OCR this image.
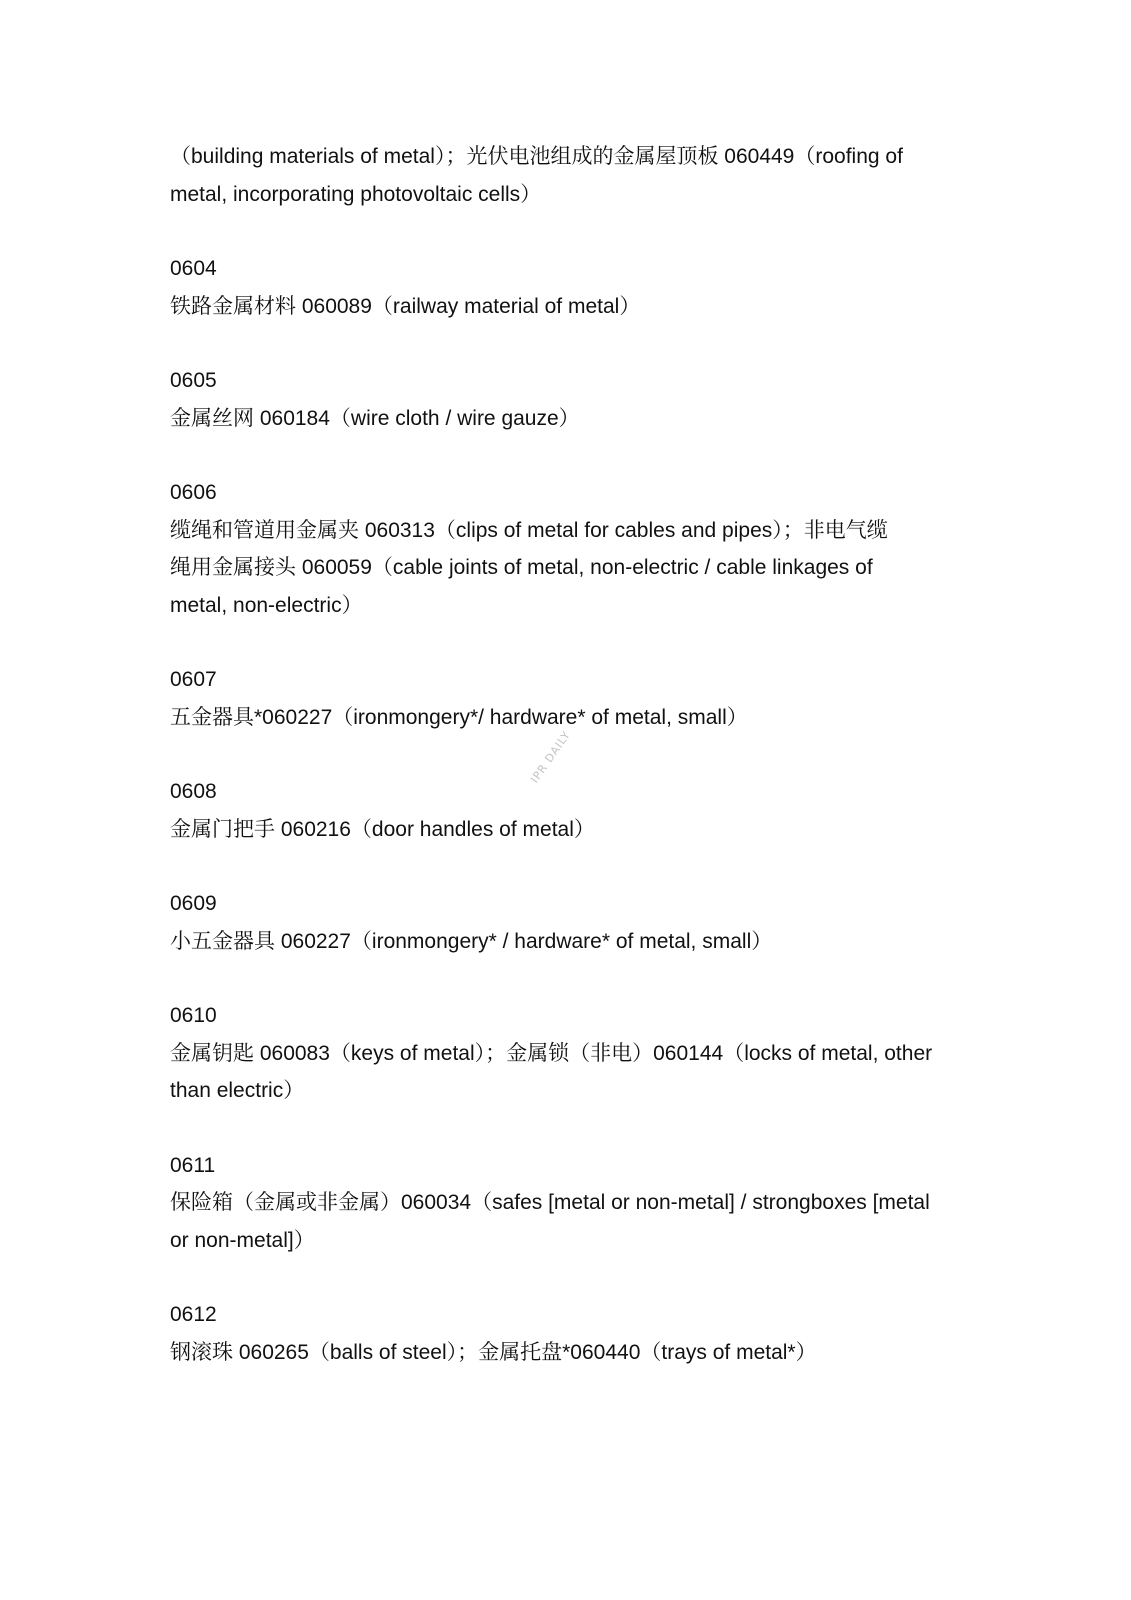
（building materials of metal）；光伏电池组成的金属屋顶板 060449（roofing of

metal, incorporating photovoltaic cells）

0604

铁路金属材料 060089（railway material of metal）

0605

金属丝网 060184（wire cloth / wire gauze）

0606

缆绳和管道用金属夹 060313（clips of metal for cables and pipes）；非电气缆

绳用金属接头 060059（cable joints of metal, non-electric / cable linkages of

metal, non-electric）

0607

五金器具*060227（ironmongery*/ hardware* of metal, small）

0608

金属门把手 060216（door handles of metal）

0609

小五金器具 060227（ironmongery* / hardware* of metal, small）

0610

金属钥匙 060083（keys of metal）；金属锁（非电）060144（locks of metal, other

than electric）

0611

保险箱（金属或非金属）060034（safes [metal or non-metal] / strongboxes [metal

or non-metal]）

0612

钢滚珠 060265（balls of steel）；金属托盘*060440（trays of metal*）

IPR DAILY
